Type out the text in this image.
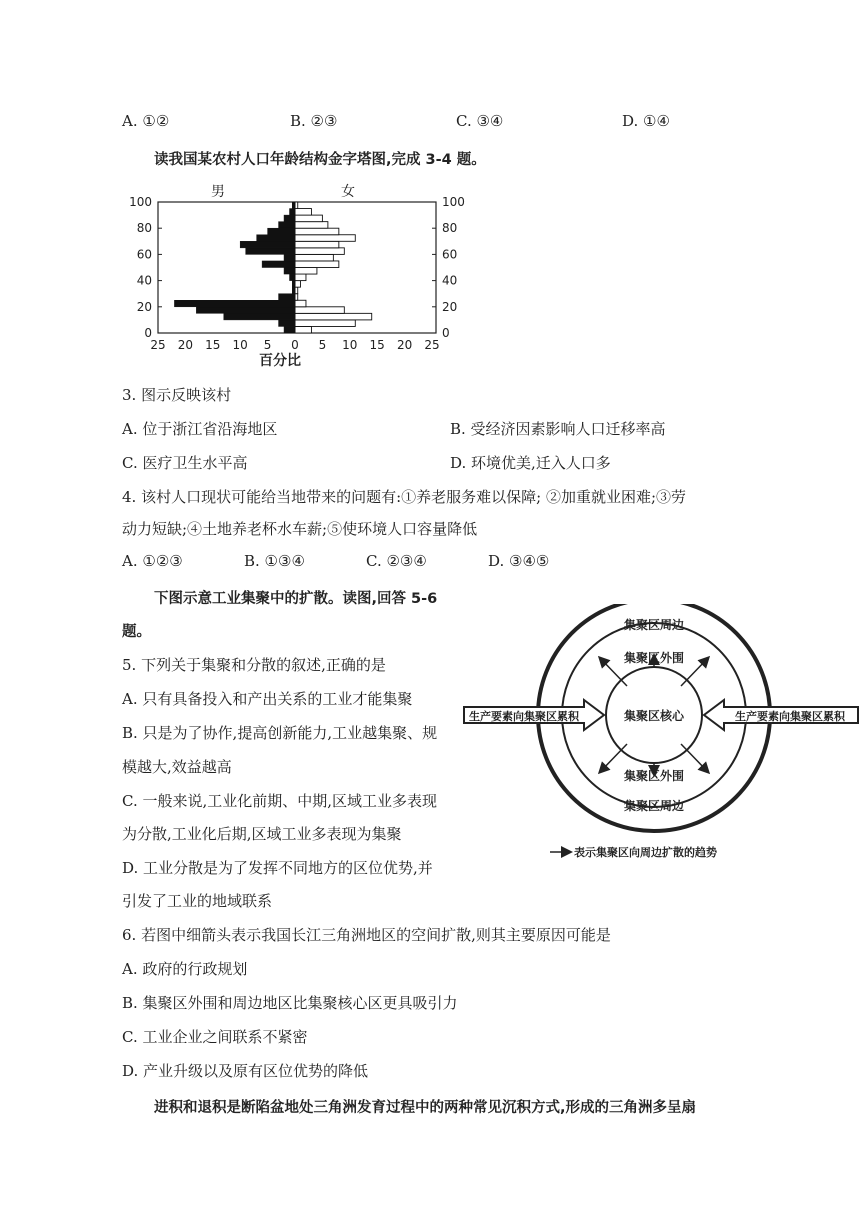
A. ①②	B. ②③	C. ③④	D. ①④
读我国某农村人口年龄结构金字塔图,完成 3-4 题。
0	0
20	20
40	40
60	60
80	80
100	100
25 20 15 10 5 0 5 10 15 20 25
男	女
百分比
3. 图示反映该村
A. 位于浙江省沿海地区	B. 受经济因素影响人口迁移率高
C. 医疗卫生水平高	D. 环境优美,迁入人口多
4. 该村人口现状可能给当地带来的问题有:①养老服务难以保障; ②加重就业困难;③劳
动力短缺;④土地养老杯水车薪;⑤使环境人口容量降低
A. ①②③	B. ①③④	C. ②③④	D. ③④⑤
下图示意工业集聚中的扩散。读图,回答 5-6
题。
5. 下列关于集聚和分散的叙述,正确的是
A. 只有具备投入和产出关系的工业才能集聚
B. 只是为了协作,提高创新能力,工业越集聚、规
模越大,效益越高
C. 一般来说,工业化前期、中期,区域工业多表现
为分散,工业化后期,区域工业多表现为集聚
D. 工业分散是为了发挥不同地方的区位优势,并
引发了工业的地域联系
生产要素向集聚区累积	生产要素向集聚区累积
集聚区周边
集聚区外围
集聚区核心
集聚区外围
集聚区周边
表示集聚区向周边扩散的趋势
6. 若图中细箭头表示我国长江三角洲地区的空间扩散,则其主要原因可能是
A. 政府的行政规划
B. 集聚区外围和周边地区比集聚核心区更具吸引力
C. 工业企业之间联系不紧密
D. 产业升级以及原有区位优势的降低
进积和退积是断陷盆地处三角洲发育过程中的两种常见沉积方式,形成的三角洲多呈扇
